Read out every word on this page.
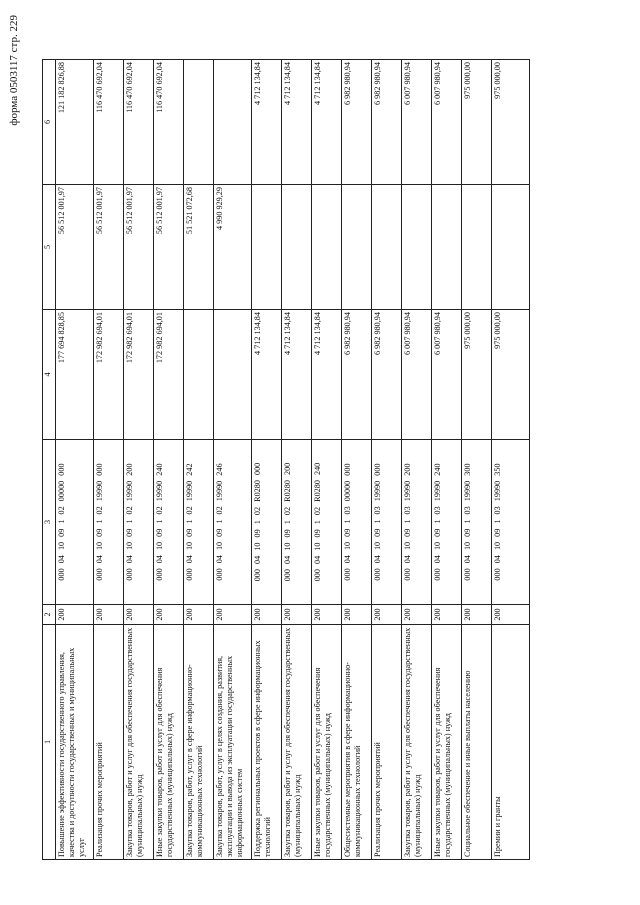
форма 0503117 стр. 229
1	2	3	4	5	6
Повышение эффективности государственного управления, качества и доступности государственных и муниципальных услуг	200	000 04 10 09 1 02 00000 000	177 694 828,85	56 512 001,97	121 182 826,88
Реализация прочих мероприятий	200	000 04 10 09 1 02 19990 000	172 982 694,01	56 512 001,97	116 470 692,04
Закупка товаров, работ и услуг для обеспечения государственных (муниципальных) нужд	200	000 04 10 09 1 02 19990 200	172 982 694,01	56 512 001,97	116 470 692,04
Иные закупки товаров, работ и услуг для обеспечения государственных (муниципальных) нужд	200	000 04 10 09 1 02 19990 240	172 982 694,01	56 512 001,97	116 470 692,04
Закупка товаров, работ, услуг в сфере информационно-коммуникационных технологий	200	000 04 10 09 1 02 19990 242		51 521 072,68	
Закупка товаров, работ, услуг в целях создания, развития, эксплуатации и вывода из эксплуатации государственных информационных систем	200	000 04 10 09 1 02 19990 246		4 990 929,29	
Поддержка региональных проектов в сфере информационных технологий	200	000 04 10 09 1 02 R0280 000	4 712 134,84		4 712 134,84
Закупка товаров, работ и услуг для обеспечения государственных (муниципальных) нужд	200	000 04 10 09 1 02 R0280 200	4 712 134,84		4 712 134,84
Иные закупки товаров, работ и услуг для обеспечения государственных (муниципальных) нужд	200	000 04 10 09 1 02 R0280 240	4 712 134,84		4 712 134,84
Общесистемные мероприятия в сфере информационно-коммуникационных технологий	200	000 04 10 09 1 03 00000 000	6 982 980,94		6 982 980,94
Реализация прочих мероприятий	200	000 04 10 09 1 03 19990 000	6 982 980,94		6 982 980,94
Закупка товаров, работ и услуг для обеспечения государственных (муниципальных) нужд	200	000 04 10 09 1 03 19990 200	6 007 980,94		6 007 980,94
Иные закупки товаров, работ и услуг для обеспечения государственных (муниципальных) нужд	200	000 04 10 09 1 03 19990 240	6 007 980,94		6 007 980,94
Социальное обеспечение и иные выплаты населению	200	000 04 10 09 1 03 19990 300	975 000,00		975 000,00
Премии и гранты	200	000 04 10 09 1 03 19990 350	975 000,00		975 000,00
